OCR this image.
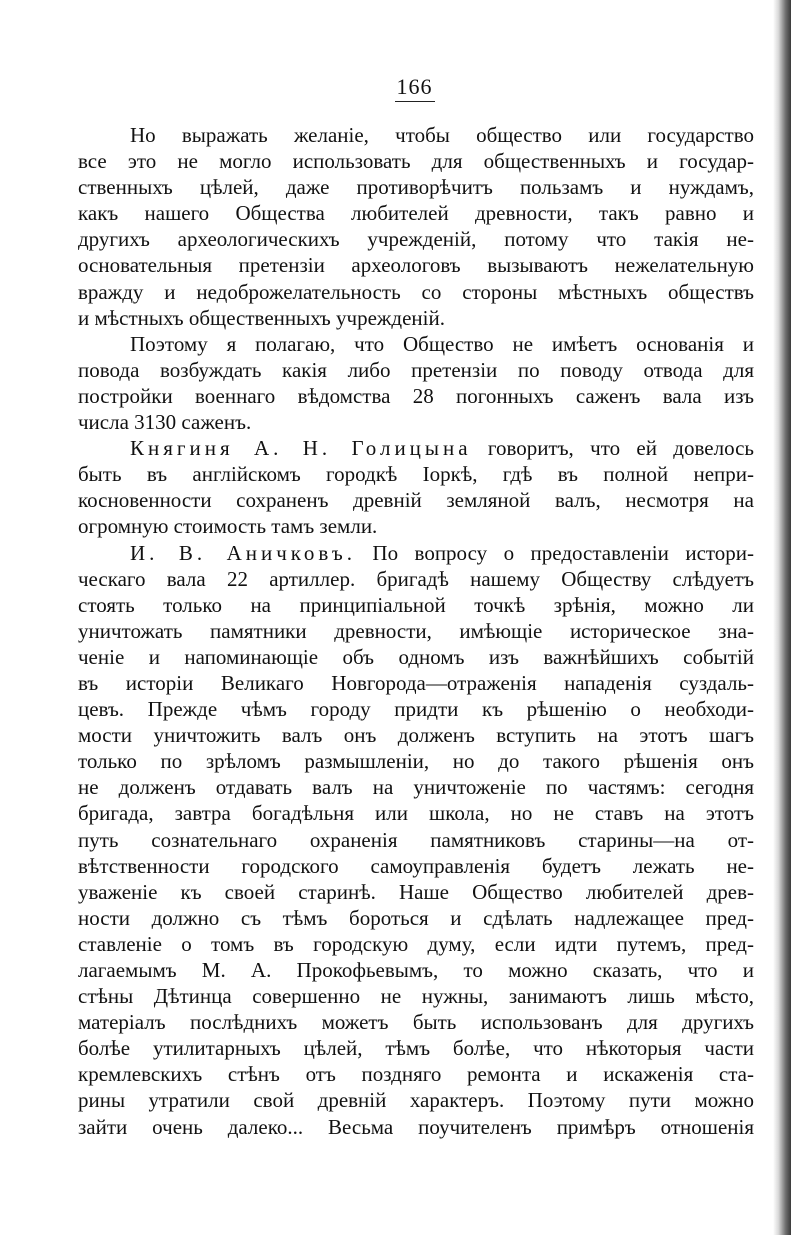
166
Но выражать желаніе, чтобы общество или государство
все это не могло использовать для общественныхъ и государ-
ственныхъ цѣлей, даже противорѣчитъ пользамъ и нуждамъ,
какъ нашего Общества любителей древности, такъ равно и
другихъ археологическихъ учрежденій, потому что такія не-
основательныя претензіи археологовъ вызываютъ нежелательную
вражду и недоброжелательность со стороны мѣстныхъ обществъ
и мѣстныхъ общественныхъ учрежденій.
Поэтому я полагаю, что Общество не имѣетъ основанія и
повода возбуждать какія либо претензіи по поводу отвода для
постройки военнаго вѣдомства 28 погонныхъ саженъ вала изъ
числа 3130 саженъ.
Княгиня А. Н. Голицына говоритъ, что ей довелось
быть въ англійскомъ городкѣ Іоркѣ, гдѣ въ полной непри-
косновенности сохраненъ древній земляной валъ, несмотря на
огромную стоимость тамъ земли.
И. В. Аничковъ. По вопросу о предоставленіи истори-
ческаго вала 22 артиллер. бригадѣ нашему Обществу слѣдуетъ
стоять только на принципіальной точкѣ зрѣнія, можно ли
уничтожать памятники древности, имѣющіе историческое зна-
ченіе и напоминающіе объ одномъ изъ важнѣйшихъ событій
въ исторіи Великаго Новгорода—отраженія нападенія суздаль-
цевъ. Прежде чѣмъ городу придти къ рѣшенію о необходи-
мости уничтожить валъ онъ долженъ вступить на этотъ шагъ
только по зрѣломъ размышленіи, но до такого рѣшенія онъ
не долженъ отдавать валъ на уничтоженіе по частямъ: сегодня
бригада, завтра богадѣльня или школа, но не ставъ на этотъ
путь сознательнаго охраненія памятниковъ старины—на от-
вѣтственности городского самоуправленія будетъ лежать не-
уваженіе къ своей старинѣ. Наше Общество любителей древ-
ности должно съ тѣмъ бороться и сдѣлать надлежащее пред-
ставленіе о томъ въ городскую думу, если идти путемъ, пред-
лагаемымъ М. А. Прокофьевымъ, то можно сказать, что и
стѣны Дѣтинца совершенно не нужны, занимаютъ лишь мѣсто,
матеріалъ послѣднихъ можетъ быть использованъ для другихъ
болѣе утилитарныхъ цѣлей, тѣмъ болѣе, что нѣкоторыя части
кремлевскихъ стѣнъ отъ поздняго ремонта и искаженія ста-
рины утратили свой древній характеръ. Поэтому пути можно
зайти очень далеко... Весьма поучителенъ примѣръ отношенія
